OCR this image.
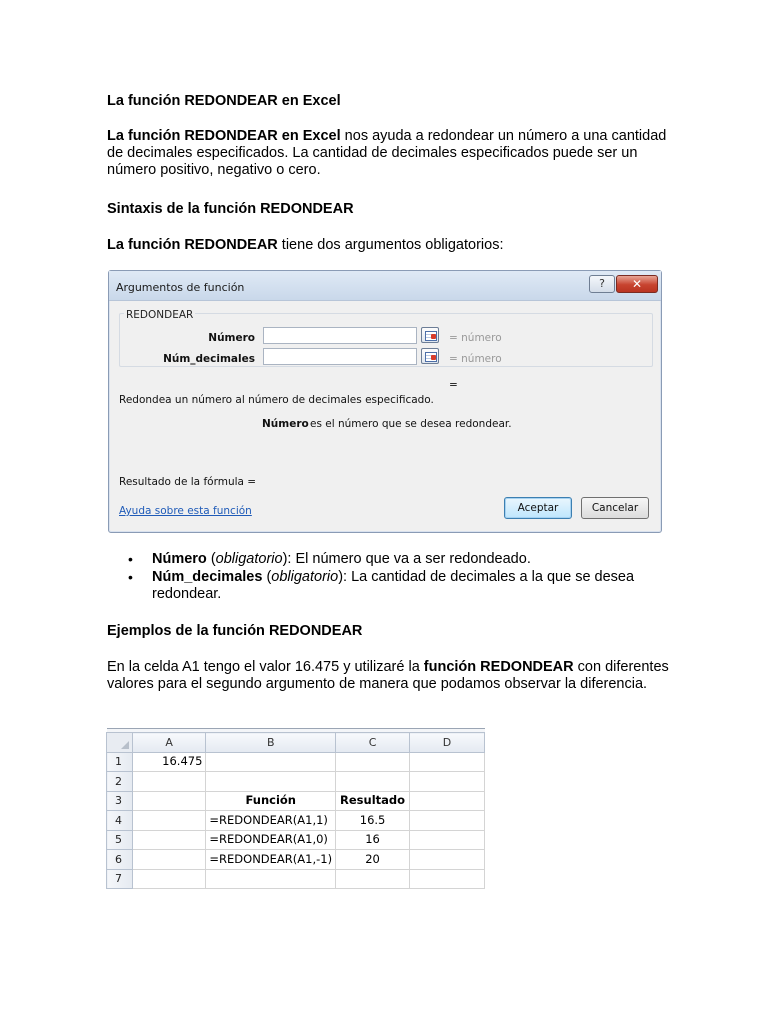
La función REDONDEAR en Excel
La función REDONDEAR en Excel nos ayuda a redondear un número a una cantidad de decimales especificados. La cantidad de decimales especificados puede ser un número positivo, negativo o cero.
Sintaxis de la función REDONDEAR
La función REDONDEAR tiene dos argumentos obligatorios:
Argumentos de función	?	✕
REDONDEAR
Número	= número
Núm_decimales	= número
=
Redondea un número al número de decimales especificado.
Número es el número que se desea redondear.
Resultado de la fórmula =
Ayuda sobre esta función	Aceptar	Cancelar
• Número (obligatorio): El número que va a ser redondeado.
• Núm_decimales (obligatorio): La cantidad de decimales a la que se desea redondear.
Ejemplos de la función REDONDEAR
En la celda A1 tengo el valor 16.475 y utilizaré la función REDONDEAR con diferentes valores para el segundo argumento de manera que podamos observar la diferencia.

	A	B	C	D
1	16.475			
2				
3		Función	Resultado	
4		=REDONDEAR(A1,1)	16.5	
5		=REDONDEAR(A1,0)	16	
6		=REDONDEAR(A1,-1)	20	
7				
